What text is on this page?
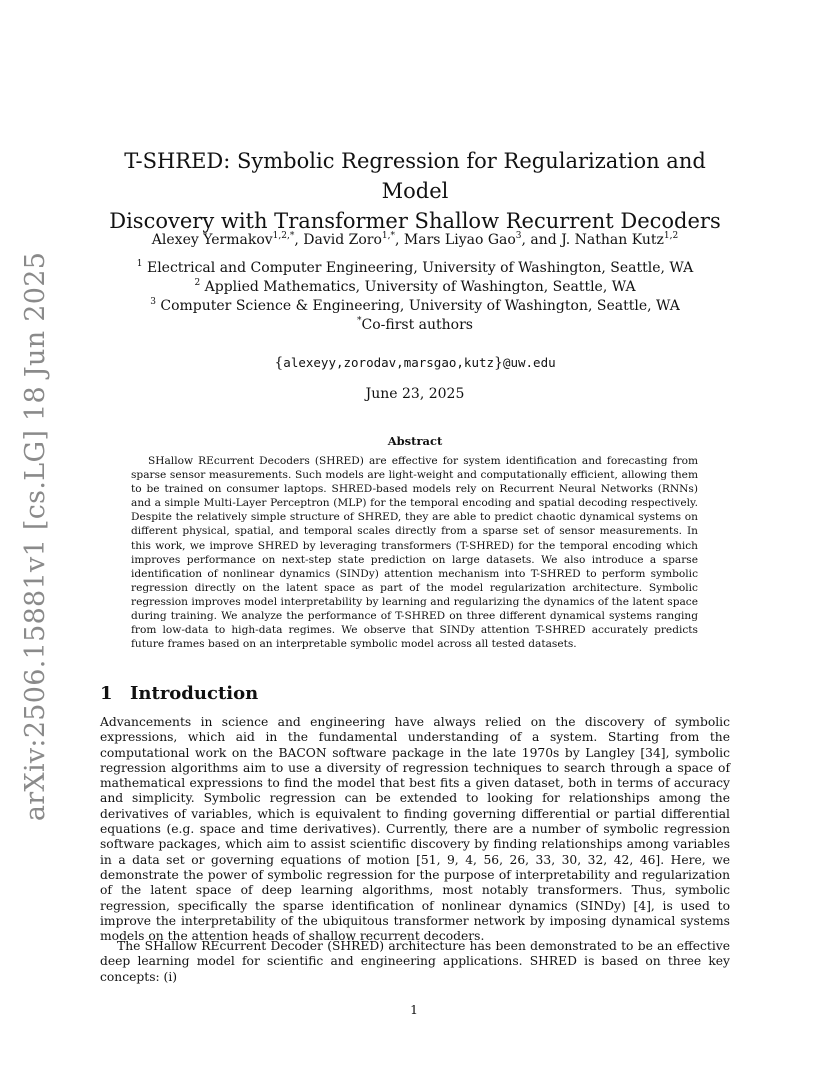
arXiv:2506.15881v1 [cs.LG] 18 Jun 2025
T-SHRED: Symbolic Regression for Regularization and Model
Discovery with Transformer Shallow Recurrent Decoders
Alexey Yermakov$^{1,2,*}$, David Zoro$^{1,*}$, Mars Liyao Gao$^3$, and J. Nathan Kutz$^{1,2}$
$^1$ Electrical and Computer Engineering, University of Washington, Seattle, WA
$^2$ Applied Mathematics, University of Washington, Seattle, WA
$^3$ Computer Science & Engineering, University of Washington, Seattle, WA
*Co-first authors
{alexeyy,zorodav,marsgao,kutz}@uw.edu
June 23, 2025
Abstract

SHallow REcurrent Decoders (SHRED) are effective for system identification and forecasting from sparse sensor measurements. Such models are light-weight and computationally efficient, allowing them to be trained on consumer laptops. SHRED-based models rely on Recurrent Neural Networks (RNNs) and a simple Multi-Layer Perceptron (MLP) for the temporal encoding and spatial decoding respectively. Despite the relatively simple structure of SHRED, they are able to predict chaotic dynamical systems on different physical, spatial, and temporal scales directly from a sparse set of sensor measurements. In this work, we improve SHRED by leveraging transformers (T-SHRED) for the temporal encoding which improves performance on next-step state prediction on large datasets. We also introduce a sparse identification of nonlinear dynamics (SINDy) attention mechanism into T-SHRED to perform symbolic regression directly on the latent space as part of the model regularization architecture. Symbolic regression improves model interpretability by learning and regularizing the dynamics of the latent space during training. We analyze the performance of T-SHRED on three different dynamical systems ranging from low-data to high-data regimes. We observe that SINDy attention T-SHRED accurately predicts future frames based on an interpretable symbolic model across all tested datasets.

1 Introduction

Advancements in science and engineering have always relied on the discovery of symbolic expressions, which aid in the fundamental understanding of a system. Starting from the computational work on the BACON software package in the late 1970s by Langley [34], symbolic regression algorithms aim to use a diversity of regression techniques to search through a space of mathematical expressions to find the model that best fits a given dataset, both in terms of accuracy and simplicity. Symbolic regression can be extended to looking for relationships among the derivatives of variables, which is equivalent to finding governing differential or partial differential equations (e.g. space and time derivatives). Currently, there are a number of symbolic regression software packages, which aim to assist scientific discovery by finding relationships among variables in a data set or governing equations of motion [51, 9, 4, 56, 26, 33, 30, 32, 42, 46]. Here, we demonstrate the power of symbolic regression for the purpose of interpretability and regularization of the latent space of deep learning algorithms, most notably transformers. Thus, symbolic regression, specifically the sparse identification of nonlinear dynamics (SINDy) [4], is used to improve the interpretability of the ubiquitous transformer network by imposing dynamical systems models on the attention heads of shallow recurrent decoders.

The SHallow REcurrent Decoder (SHRED) architecture has been demonstrated to be an effective deep learning model for scientific and engineering applications. SHRED is based on three key concepts: (i)

1
